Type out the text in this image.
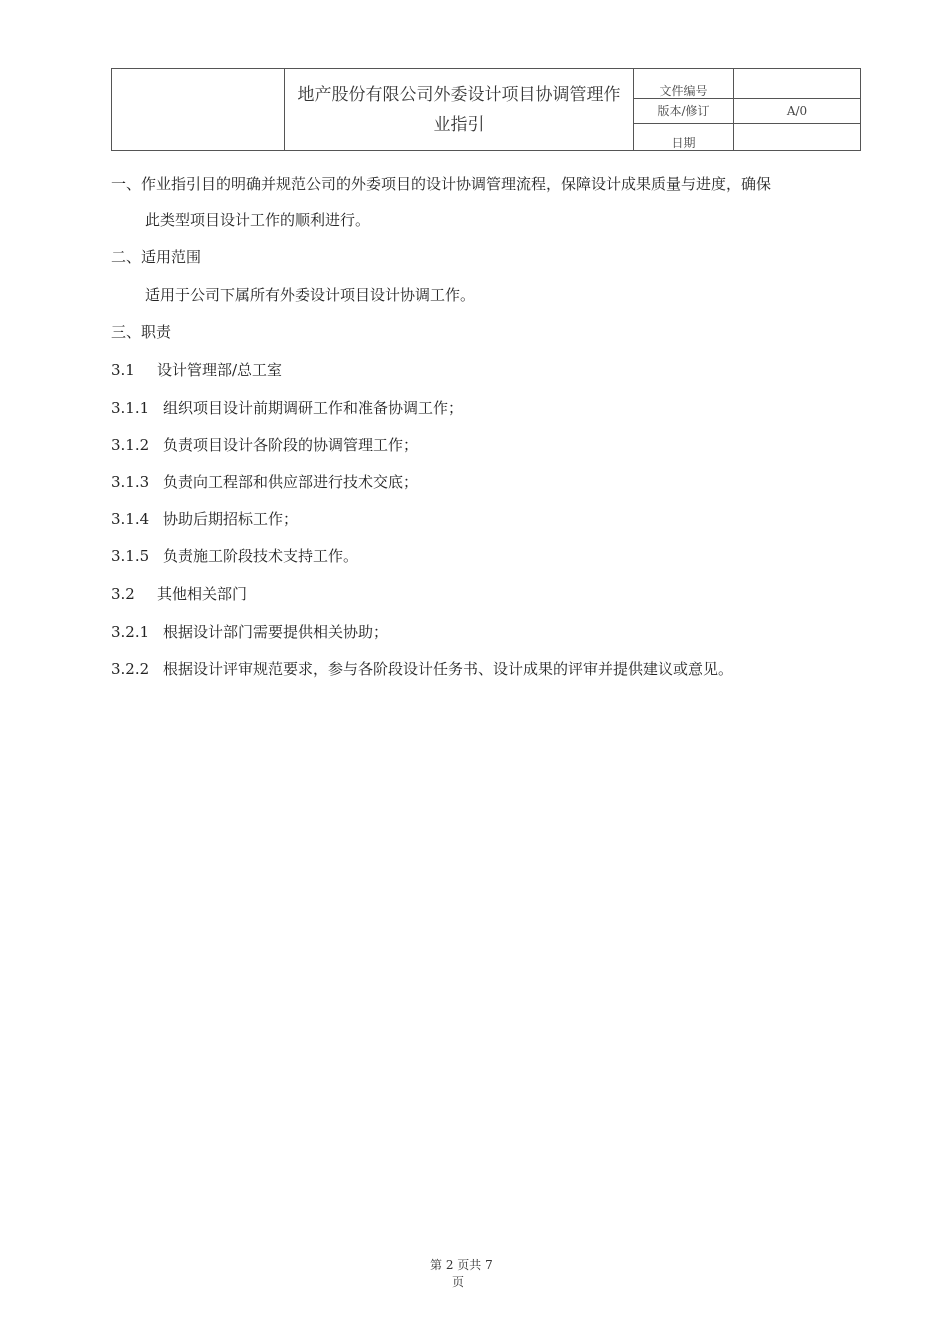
	地产股份有限公司外委设计项目协调管理作业指引	文件编号	
		版本/修订	A/0
		日期	
一、作业指引目的明确并规范公司的外委项目的设计协调管理流程，保障设计成果质量与进度，确保
此类型项目设计工作的顺利进行。
二、适用范围
适用于公司下属所有外委设计项目设计协调工作。
三、职责
3.1 设计管理部/总工室
3.1.1 组织项目设计前期调研工作和准备协调工作；
3.1.2 负责项目设计各阶段的协调管理工作；
3.1.3 负责向工程部和供应部进行技术交底；
3.1.4 协助后期招标工作；
3.1.5 负责施工阶段技术支持工作。
3.2 其他相关部门
3.2.1 根据设计部门需要提供相关协助；
3.2.2 根据设计评审规范要求，参与各阶段设计任务书、设计成果的评审并提供建议或意见。
第 2 页共 7
页
